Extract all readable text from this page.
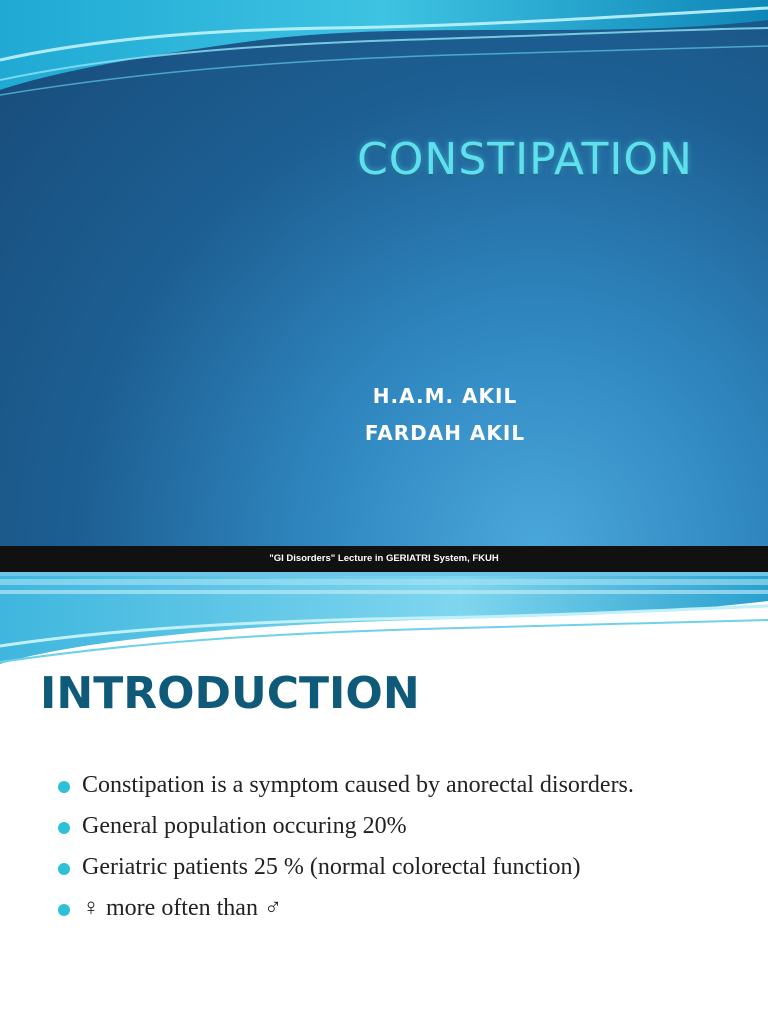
CONSTIPATION
H.A.M. AKIL
FARDAH AKIL
"GI Disorders" Lecture in GERIATRI System, FKUH
INTRODUCTION
Constipation is a symptom caused by anorectal disorders.
General population occuring 20%
Geriatric patients 25 % (normal colorectal function)
♀ more often than ♂
